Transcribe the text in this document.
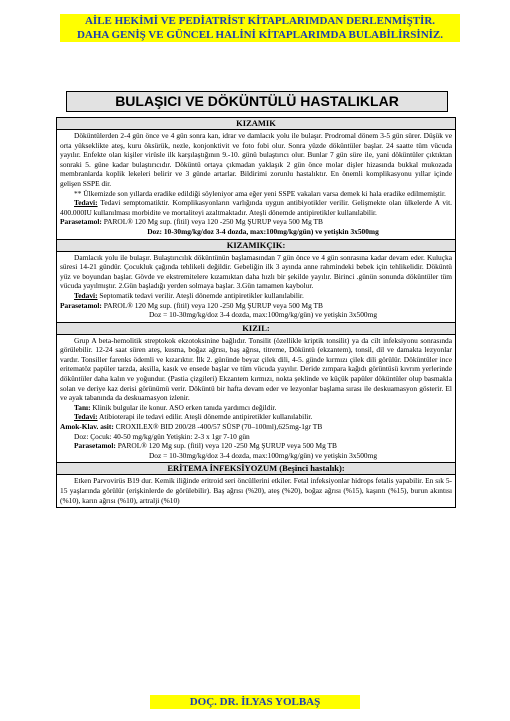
AİLE HEKİMİ VE PEDİATRİST KİTAPLARIMDAN DERLENMİŞTİR.
DAHA GENİŞ VE GÜNCEL HALİNİ KİTAPLARIMDA BULABİLİRSİNİZ.
BULAŞICI VE DÖKÜNTÜLÜ HASTALIKLAR
KIZAMIK

Döküntülerden 2-4 gün önce ve 4 gün sonra kan, idrar ve damlacık yolu ile bulaşır. Prodromal dönem 3-5 gün sürer. Düşük ve orta yükseklikte ateş, kuru öksürük, nezle, konjonktivit ve foto fobi olur. Sonra yüzde döküntüler başlar. 24 saatte tüm vücuda yayılır. Enfekte olan kişiler virüsle ilk karşılaştığının 9.-10. günü bulaştırıcı olur. Bunlar 7 gün süre ile, yani döküntüler çıktıktan sonraki 5. güne kadar bulaştırıcıdır. Döküntü ortaya çıkmadan yaklaşık 2 gün önce molar dişler hizasında bukkal mukozada membranlarda koplik lekeleri belirir ve 3 günde artarlar. Bildirimi zorunlu hastalıktır. En önemli komplikasyonu yıllar içinde gelişen SSPE dir.

** Ülkemizde son yıllarda eradike edildiği söyleniyor ama eğer yeni SSPE vakaları varsa demek ki hala eradike edilmemiştir.

Tedavi: Tedavi semptomatiktir. Komplikasyonların varlığında uygun antibiyotikler verilir. Gelişmekte olan ülkelerde A vit. 400.000IU kullanılması morbidite ve mortaliteyi azaltmaktadır. Ateşli dönemde antipiretikler kullanılabilir.

Parasetamol: PAROL® 120 Mg sup. (fitil) veya 120 -250 Mg ŞURUP veya 500 Mg TB

Doz: 10-30mg/kg/doz 3-4 dozda, max:100mg/kg/gün) ve yetişkin 3x500mg

KIZAMIKÇIK:

Damlacık yolu ile bulaşır. Bulaştırıcılık döküntünün başlamasından 7 gün önce ve 4 gün sonrasına kadar devam eder. Kuluçka süresi 14-21 gündür. Çocukluk çağında tehlikeli değildir. Gebeliğin ilk 3 ayında anne rahmindeki bebek için tehlikelidir. Döküntü yüz ve boyundan başlar. Gövde ve ekstremitelere kızamıktan daha hızlı bir şekilde yayılır. Birinci .günün sonunda döküntüler tüm vücuda yayılmıştır. 2.Gün başladığı yerden solmaya başlar. 3.Gün tamamen kaybolur.

Tedavi: Septomatik tedavi verilir. Ateşli dönemde antipiretikler kullanılabilir.

Parasetamol: PAROL® 120 Mg sup. (fitil) veya 120 -250 Mg ŞURUP veya 500 Mg TB

Doz = 10-30mg/kg/doz 3-4 dozda, max:100mg/kg/gün) ve yetişkin 3x500mg

KIZIL:

Grup A beta-hemolitik streptokok ekzotoksinine bağlıdır. Tonsilit (özellikle kriptik tonsilit) ya da cilt infeksiyonu sonrasında görülebilir. 12-24 saat süren ateş, kusma, boğaz ağrısı, baş ağrısı, titreme, Döküntü (ekzantem), tonsil, dil ve damakta lezyonlar vardır. Tonsiller farenks ödemli ve kızarıktır. İlk 2. gününde beyaz çilek dili, 4-5. günde kırmızı çilek dili görülür. Döküntüler ince eritematöz papüler tarzda, aksilla, kasık ve ensede başlar ve tüm vücuda yayılır. Deride zımpara kağıdı görüntüsü kıvrım yerlerinde döküntüler daha kalın ve yoğundur. (Pastia çizgileri) Ekzantem kırmızı, nokta şeklinde ve küçük papüler döküntüler olup basmakla solan ve deriye kaz derisi görünümü verir. Döküntü bir hafta devam eder ve lezyonlar başlama sırası ile deskuamasyon gösterir. El ve ayak tabanında da deskuamasyon izlenir.

Tanı: Klinik bulgular ile konur. ASO erken tanıda yardımcı değildir.

Tedavi: Atibioterapi ile tedavi edilir. Ateşli dönemde antipiretikler kullanılabilir.

Amok-Klav. asit: CROXILEX® BID 200/28 -400/57 SÜSP (70–100ml),625mg-1gr TB

Doz: Çocuk: 40-50 mg/kg/gün Yetişkin: 2-3 x 1gr 7-10 gün

Parasetamol: PAROL® 120 Mg sup. (fitil) veya 120 -250 Mg ŞURUP veya 500 Mg TB

Doz = 10-30mg/kg/doz 3-4 dozda, max:100mg/kg/gün) ve yetişkin 3x500mg

ERİTEMA İNFEKSİYOZUM (Beşinci hastalık):

Etken Parvovirüs B19 dur. Kemik iliğinde eritroid seri öncüllerini etkiler. Fetal infeksiyonlar hidrops fetalis yapabilir. En sık 5-15 yaşlarında görülür (erişkinlerde de görülebilir). Baş ağrısı (%20), ateş (%20), boğaz ağrısı (%15), kaşıntı (%15), burun akıntısı (%10), karın ağrısı (%10), artralji (%10)

DOÇ. DR. İLYAS YOLBAŞ
